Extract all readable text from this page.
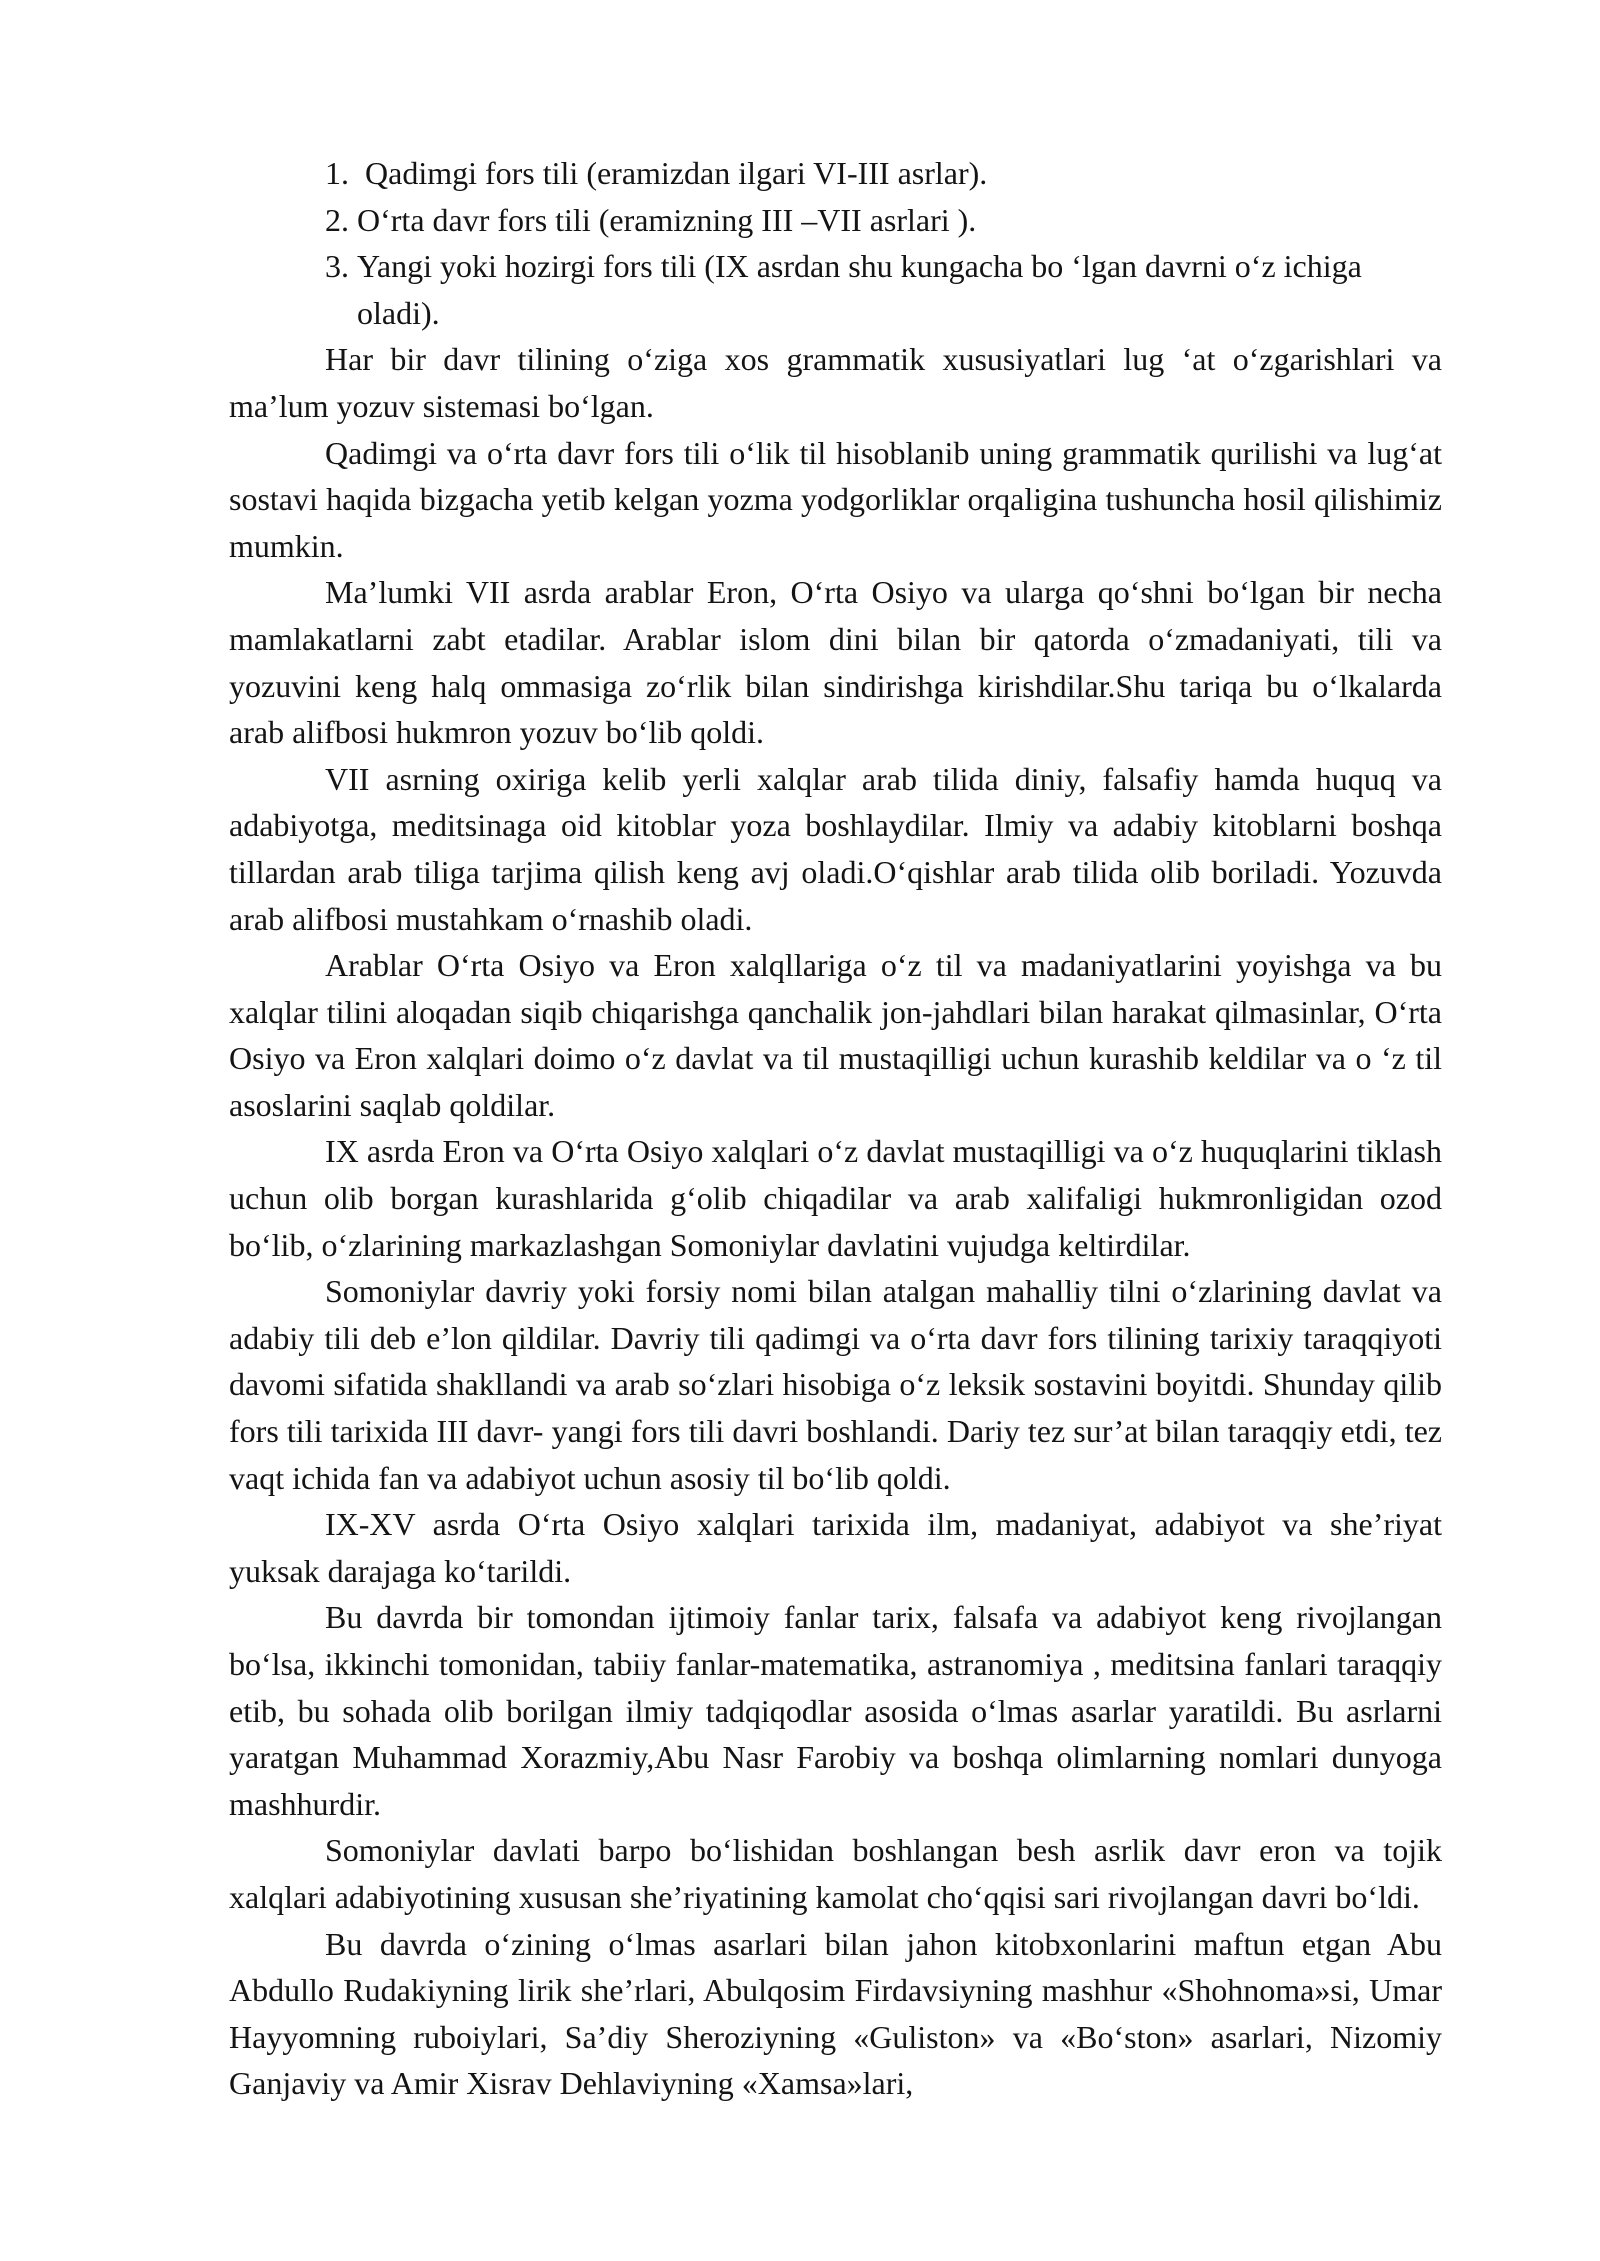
1. Qadimgi fors tili (eramizdan ilgari VI-III asrlar).
2. O‘rta davr fors tili (eramizning III –VII asrlari ).
3. Yangi yoki hozirgi fors tili (IX asrdan shu kungacha bo ‘lgan davrni o‘z ichiga oladi).

Har bir davr tilining o‘ziga xos grammatik xususiyatlari lug ‘at o‘zgarishlari va ma’lum yozuv sistemasi bo‘lgan.

Qadimgi va o‘rta davr fors tili o‘lik til hisoblanib uning grammatik qurilishi va lug‘at sostavi haqida bizgacha yetib kelgan yozma yodgorliklar orqaligina tushuncha hosil qilishimiz mumkin.

Ma’lumki VII asrda arablar Eron, O‘rta Osiyo va ularga qo‘shni bo‘lgan bir necha mamlakatlarni zabt etadilar. Arablar islom dini bilan bir qatorda o‘zmadaniyati, tili va yozuvini keng halq ommasiga zo‘rlik bilan sindirishga kirishdilar.Shu tariqa bu o‘lkalarda arab alifbosi hukmron yozuv bo‘lib qoldi.

VII asrning oxiriga kelib yerli xalqlar arab tilida diniy, falsafiy hamda huquq va adabiyotga, meditsinaga oid kitoblar yoza boshlaydilar. Ilmiy va adabiy kitoblarni boshqa tillardan arab tiliga tarjima qilish keng avj oladi.O‘qishlar arab tilida olib boriladi. Yozuvda arab alifbosi mustahkam o‘rnashib oladi.

Arablar O‘rta Osiyo va Eron xalqllariga o‘z til va madaniyatlarini yoyishga va bu xalqlar tilini aloqadan siqib chiqarishga qanchalik jon-jahdlari bilan harakat qilmasinlar, O‘rta Osiyo va Eron xalqlari doimo o‘z davlat va til mustaqilligi uchun kurashib keldilar va o ‘z til asoslarini saqlab qoldilar.

IX asrda Eron va O‘rta Osiyo xalqlari o‘z davlat mustaqilligi va o‘z huquqlarini tiklash uchun olib borgan kurashlarida g‘olib chiqadilar va arab xalifaligi hukmronligidan ozod bo‘lib, o‘zlarining markazlashgan Somoniylar davlatini vujudga keltirdilar.

Somoniylar davriy yoki forsiy nomi bilan atalgan mahalliy tilni o‘zlarining davlat va adabiy tili deb e’lon qildilar. Davriy tili qadimgi va o‘rta davr fors tilining tarixiy taraqqiyoti davomi sifatida shakllandi va arab so‘zlari hisobiga o‘z leksik sostavini boyitdi. Shunday qilib fors tili tarixida III davr- yangi fors tili davri boshlandi. Dariy tez sur’at bilan taraqqiy etdi, tez vaqt ichida fan va adabiyot uchun asosiy til bo‘lib qoldi.

IX-XV asrda O‘rta Osiyo xalqlari tarixida ilm, madaniyat, adabiyot va she’riyat yuksak darajaga ko‘tarildi.

Bu davrda bir tomondan ijtimoiy fanlar tarix, falsafa va adabiyot keng rivojlangan bo‘lsa, ikkinchi tomonidan, tabiiy fanlar-matematika, astranomiya , meditsina fanlari taraqqiy etib, bu sohada olib borilgan ilmiy tadqiqodlar asosida o‘lmas asarlar yaratildi. Bu asrlarni yaratgan Muhammad Xorazmiy,Abu Nasr Farobiy va boshqa olimlarning nomlari dunyoga mashhurdir.

Somoniylar davlati barpo bo‘lishidan boshlangan besh asrlik davr eron va tojik xalqlari adabiyotining xususan she’riyatining kamolat cho‘qqisi sari rivojlangan davri bo‘ldi.

Bu davrda o‘zining o‘lmas asarlari bilan jahon kitobxonlarini maftun etgan Abu Abdullo Rudakiyning lirik she’rlari, Abulqosim Firdavsiyning mashhur «Shohnoma»si, Umar Hayyomning ruboiylari, Sa’diy Sheroziyning «Guliston» va «Bo‘ston» asarlari, Nizomiy Ganjaviy va Amir Xisrav Dehlaviyning «Xamsa»lari,
